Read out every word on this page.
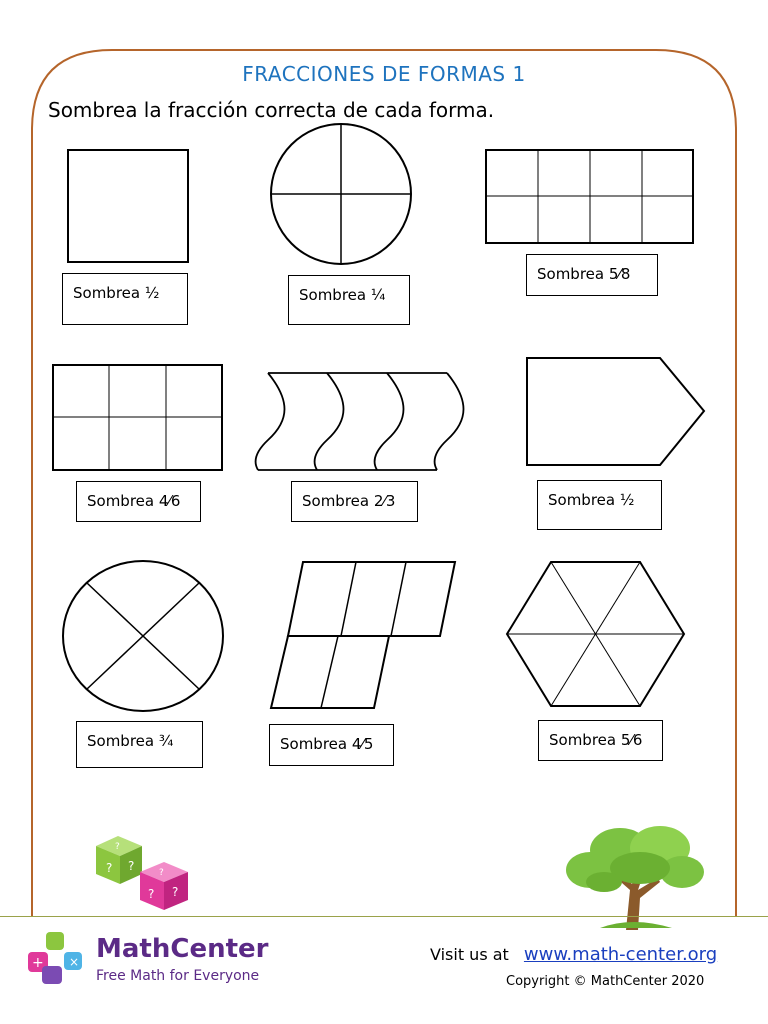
FRACCIONES DE FORMAS 1
Sombrea la fracción correcta de cada forma.
Sombrea ½	Sombrea ¼
Sombrea 5⁄8
Sombrea 4⁄6	Sombrea 2⁄3	Sombrea ½
Sombrea ¾	Sombrea 4⁄5	Sombrea 5⁄6
? ?
?
? ?
?
+ × MathCenter
Free Math for Everyone
Visit us at www.math-center.org
Copyright © MathCenter 2020
